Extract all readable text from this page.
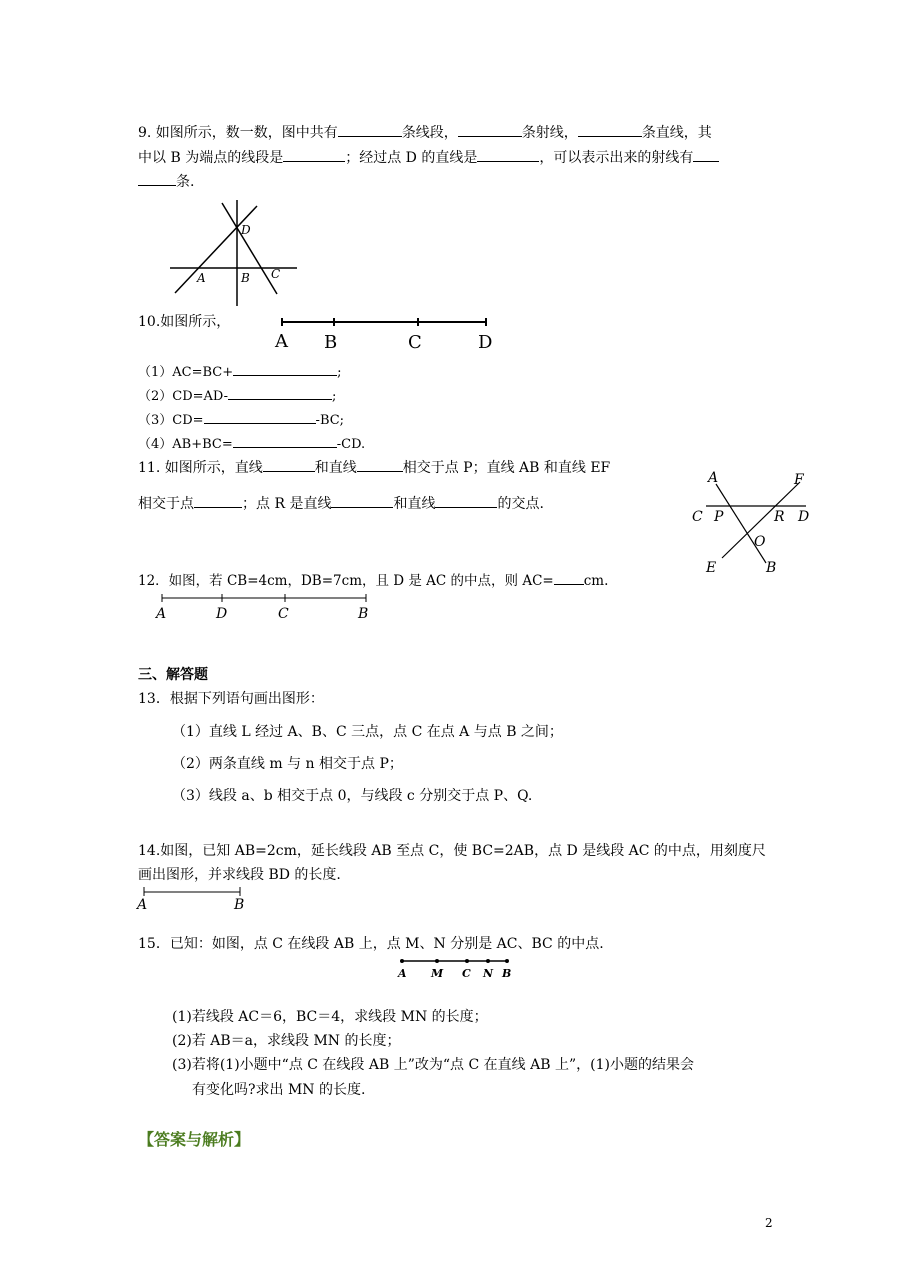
9. 如图所示，数一数，图中共有	条线段，	条射线，	条直线，其
中以 B 为端点的线段是	；经过点 D 的直线是	，可以表示出来的射线有
条.
A	B C
D
10.如图所示，
A B	C	D
（1）AC=BC+	;
（2）CD=AD-	;
（3）CD=	-BC;
（4）AB+BC=	-CD.
11. 如图所示，直线	和直线	相交于点 P；直线 AB 和直线 EF
相交于点	；点 R 是直线	和直线	的交点.
A	F
C P	R D
O
E	B
12．如图，若 CB=4cm，DB=7cm，且 D 是 AC 的中点，则 AC= cm.
A	D	C	B
三、解答题
13．根据下列语句画出图形：
（1）直线 L 经过 A、B、C 三点，点 C 在点 A 与点 B 之间；
（2）两条直线 m 与 n 相交于点 P；
（3）线段 a、b 相交于点 0，与线段 c 分别交于点 P、Q.
14.如图，已知 AB=2cm，延长线段 AB 至点 C，使 BC=2AB，点 D 是线段 AC 的中点，用刻度尺
画出图形，并求线段 BD 的长度.
A	B
15．已知：如图，点 C 在线段 AB 上，点 M、N 分别是 AC、BC 的中点.
A M C N B
(1)若线段 AC＝6，BC＝4，求线段 MN 的长度；
(2)若 AB＝a，求线段 MN 的长度；
(3)若将(1)小题中“点 C 在线段 AB 上”改为“点 C 在直线 AB 上”，(1)小题的结果会
有变化吗?求出 MN 的长度.
【答案与解析】
2
